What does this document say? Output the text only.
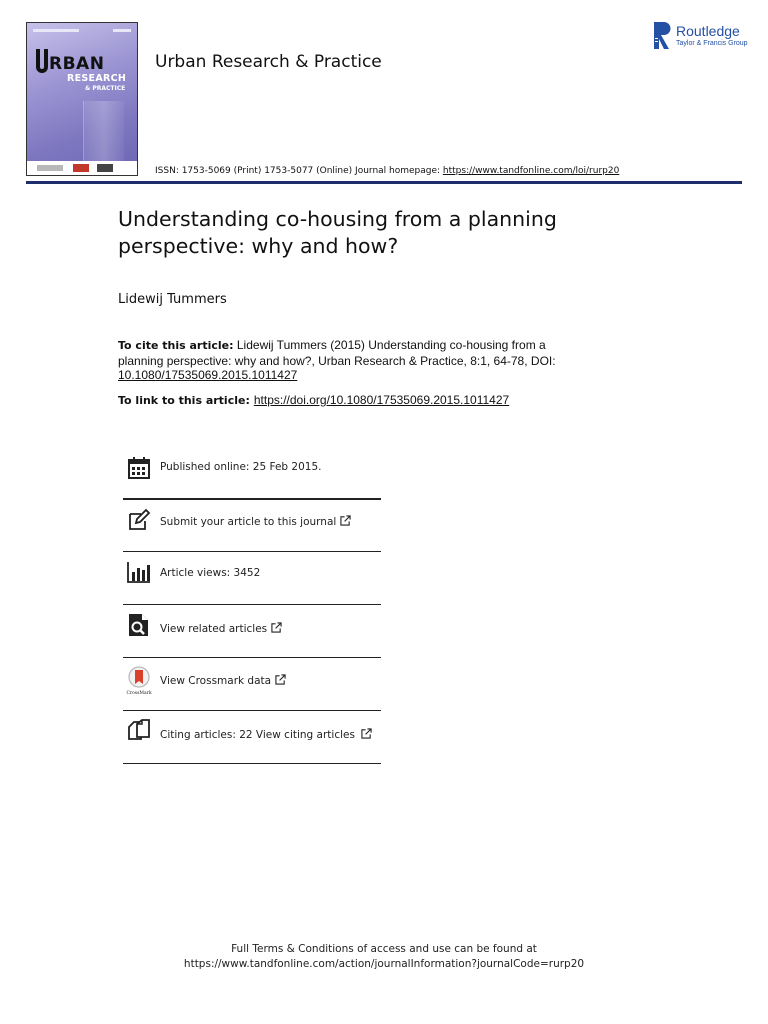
RBAN
RESEARCH
& PRACTICE
Urban Research & Practice
Routledge
Taylor & Francis Group
ISSN: 1753-5069 (Print) 1753-5077 (Online) Journal homepage: https://www.tandfonline.com/loi/rurp20
Understanding co-housing from a planning perspective: why and how?
Lidewij Tummers
To cite this article: Lidewij Tummers (2015) Understanding co-housing from a planning perspective: why and how?, Urban Research & Practice, 8:1, 64-78, DOI: 10.1080/17535069.2015.1011427
To link to this article: https://doi.org/10.1080/17535069.2015.1011427
Published online: 25 Feb 2015.
Submit your article to this journal
Article views: 3452
View related articles
CrossMark
View Crossmark data
Citing articles: 22 View citing articles
Full Terms & Conditions of access and use can be found at
https://www.tandfonline.com/action/journalInformation?journalCode=rurp20
